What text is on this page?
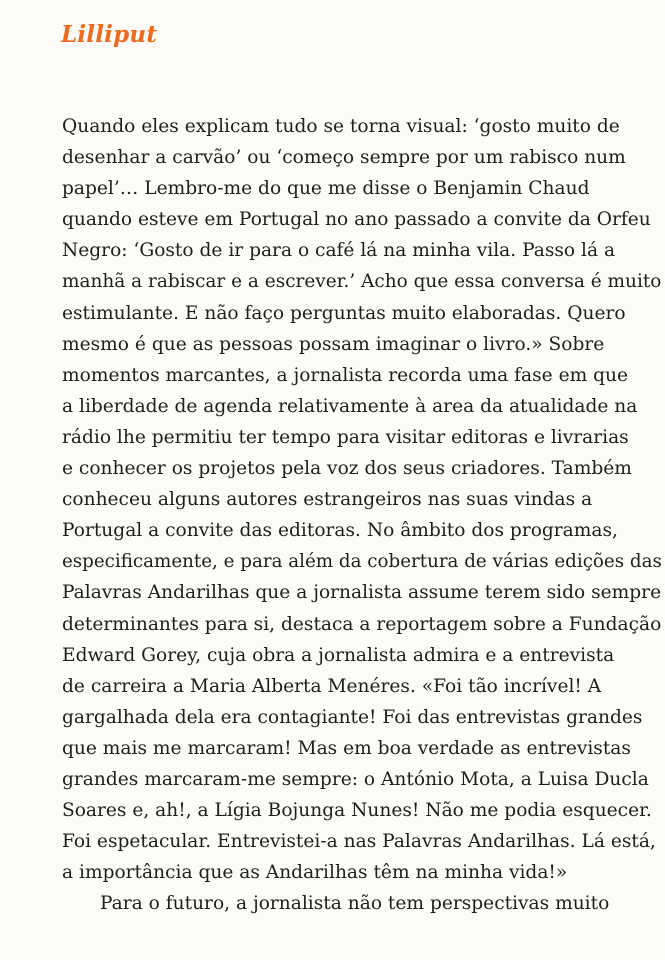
Lilliput
Quando eles explicam tudo se torna visual: ‘gosto muito de
desenhar a carvão’ ou ‘começo sempre por um rabisco num
papel’… Lembro-me do que me disse o Benjamin Chaud
quando esteve em Portugal no ano passado a convite da Orfeu
Negro: ‘Gosto de ir para o café lá na minha vila. Passo lá a
manhã a rabiscar e a escrever.’ Acho que essa conversa é muito
estimulante. E não faço perguntas muito elaboradas. Quero
mesmo é que as pessoas possam imaginar o livro.» Sobre
momentos marcantes, a jornalista recorda uma fase em que
a liberdade de agenda relativamente à area da atualidade na
rádio lhe permitiu ter tempo para visitar editoras e livrarias
e conhecer os projetos pela voz dos seus criadores. Também
conheceu alguns autores estrangeiros nas suas vindas a
Portugal a convite das editoras. No âmbito dos programas,
especificamente, e para além da cobertura de várias edições das
Palavras Andarilhas que a jornalista assume terem sido sempre
determinantes para si, destaca a reportagem sobre a Fundação
Edward Gorey, cuja obra a jornalista admira e a entrevista
de carreira a Maria Alberta Menéres. «Foi tão incrível! A
gargalhada dela era contagiante! Foi das entrevistas grandes
que mais me marcaram! Mas em boa verdade as entrevistas
grandes marcaram-me sempre: o António Mota, a Luisa Ducla
Soares e, ah!, a Lígia Bojunga Nunes! Não me podia esquecer.
Foi espetacular. Entrevistei-a nas Palavras Andarilhas. Lá está,
a importância que as Andarilhas têm na minha vida!»
Para o futuro, a jornalista não tem perspectivas muito
